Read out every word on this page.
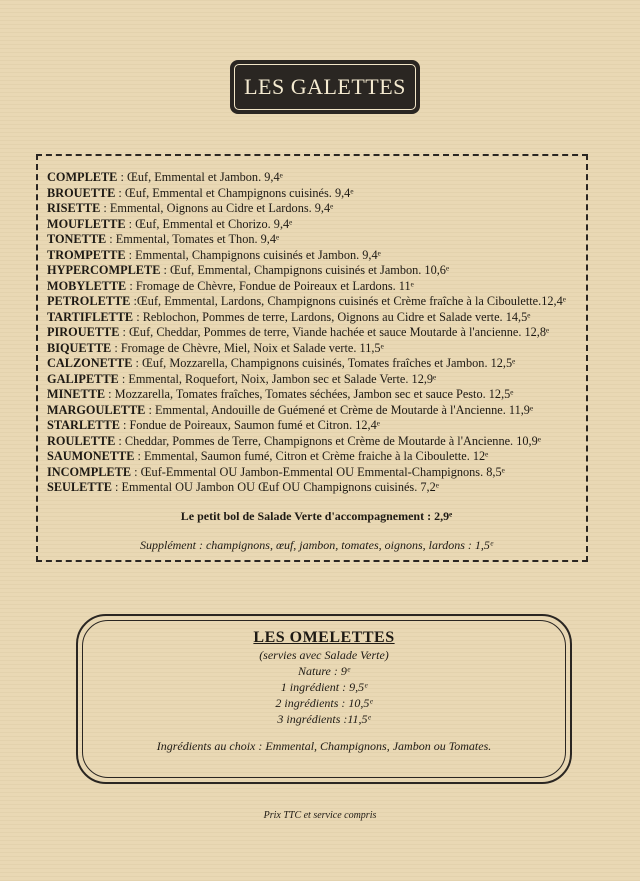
LES GALETTES
COMPLETE : Œuf, Emmental et Jambon. 9,4ᵉ
BROUETTE : Œuf, Emmental et Champignons cuisinés. 9,4ᵉ
RISETTE : Emmental, Oignons au Cidre et Lardons. 9,4ᵉ
MOUFLETTE : Œuf, Emmental et Chorizo. 9,4ᵉ
TONETTE : Emmental, Tomates et Thon. 9,4ᵉ
TROMPETTE : Emmental, Champignons cuisinés et Jambon. 9,4ᵉ
HYPERCOMPLETE : Œuf, Emmental, Champignons cuisinés et Jambon. 10,6ᵉ
MOBYLETTE : Fromage de Chèvre, Fondue de Poireaux et Lardons. 11ᵉ
PETROLETTE :Œuf, Emmental, Lardons, Champignons cuisinés et Crème fraîche à la Ciboulette.12,4ᵉ
TARTIFLETTE : Reblochon, Pommes de terre, Lardons, Oignons au Cidre et Salade verte. 14,5ᵉ
PIROUETTE : Œuf, Cheddar, Pommes de terre, Viande hachée et sauce Moutarde à l'ancienne. 12,8ᵉ
BIQUETTE : Fromage de Chèvre, Miel, Noix et Salade verte. 11,5ᵉ
CALZONETTE : Œuf, Mozzarella, Champignons cuisinés, Tomates fraîches et Jambon. 12,5ᵉ
GALIPETTE : Emmental, Roquefort, Noix, Jambon sec et Salade Verte. 12,9ᵉ
MINETTE : Mozzarella, Tomates fraîches, Tomates séchées, Jambon sec et sauce Pesto. 12,5ᵉ
MARGOULETTE : Emmental, Andouille de Guémené et Crème de Moutarde à l'Ancienne. 11,9ᵉ
STARLETTE : Fondue de Poireaux, Saumon fumé et Citron. 12,4ᵉ
ROULETTE : Cheddar, Pommes de Terre, Champignons et Crème de Moutarde à l'Ancienne. 10,9ᵉ
SAUMONETTE : Emmental, Saumon fumé, Citron et Crème fraiche à la Ciboulette. 12ᵉ
INCOMPLETE : Œuf-Emmental OU Jambon-Emmental OU Emmental-Champignons. 8,5ᵉ
SEULETTE : Emmental OU Jambon OU Œuf OU Champignons cuisinés. 7,2ᵉ
Le petit bol de Salade Verte d'accompagnement : 2,9ᵉ
Supplément : champignons, œuf, jambon, tomates, oignons, lardons : 1,5ᵉ
LES OMELETTES
(servies avec Salade Verte)
Nature : 9ᵉ
1 ingrédient : 9,5ᵉ
2 ingrédients : 10,5ᵉ
3 ingrédients :11,5ᵉ
Ingrédients au choix : Emmental, Champignons, Jambon ou Tomates.
Prix TTC et service compris
